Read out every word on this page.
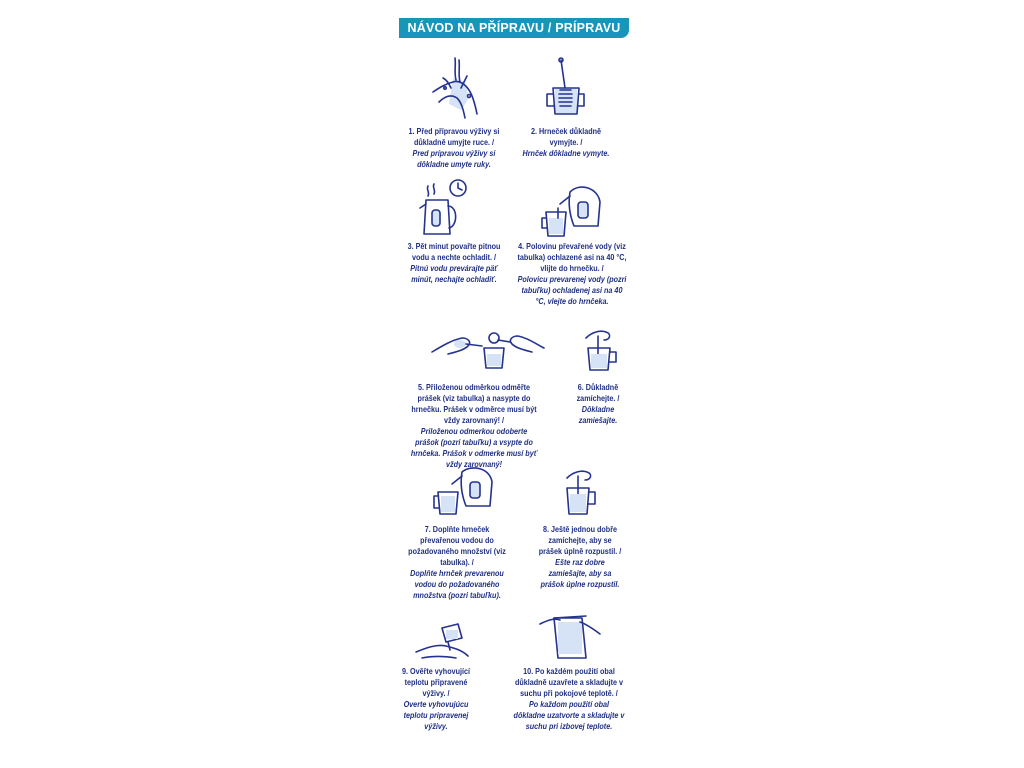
NÁVOD NA PŘÍPRAVU / PRÍPRAVU
1. Před přípravou výživy si důkladně umyjte ruce. /
Pred prípravou výživy si dôkladne umyte ruky.
2. Hrneček důkladně vymyjte. /
Hrnček dôkladne vymyte.
3. Pět minut povařte pitnou vodu a nechte ochladit. /
Pitnú vodu prevárajte päť minút, nechajte ochladiť.
4. Polovinu převařené vody (viz tabulka) ochlazené asi na 40 °C, vlijte do hrnečku. /
Polovicu prevarenej vody (pozri tabuľku) ochladenej asi na 40 °C, vlejte do hrnčeka.
5. Přiloženou odměrkou odměřte prášek (viz tabulka) a nasypte do hrnečku. Prášek v odměrce musí být vždy zarovnaný! /
Priloženou odmerkou odoberte prášok (pozri tabuľku) a vsypte do hrnčeka. Prášok v odmerke musí byť vždy zarovnaný!
6. Důkladně zamíchejte. /
Dôkladne zamiešajte.
7. Doplňte hrneček převařenou vodou do požadovaného množství (viz tabulka). /
Doplňte hrnček prevarenou vodou do požadovaného množstva (pozri tabuľku).
8. Ještě jednou dobře zamíchejte, aby se prášek úplně rozpustil. /
Ešte raz dobre zamiešajte, aby sa prášok úplne rozpustil.
9. Ověřte vyhovující teplotu připravené výživy. /
Overte vyhovujúcu teplotu pripravenej výživy.
10. Po každém použití obal důkladně uzavřete a skladujte v suchu při pokojové teplotě. /
Po každom použití obal dôkladne uzatvorte a skladujte v suchu pri izbovej teplote.
